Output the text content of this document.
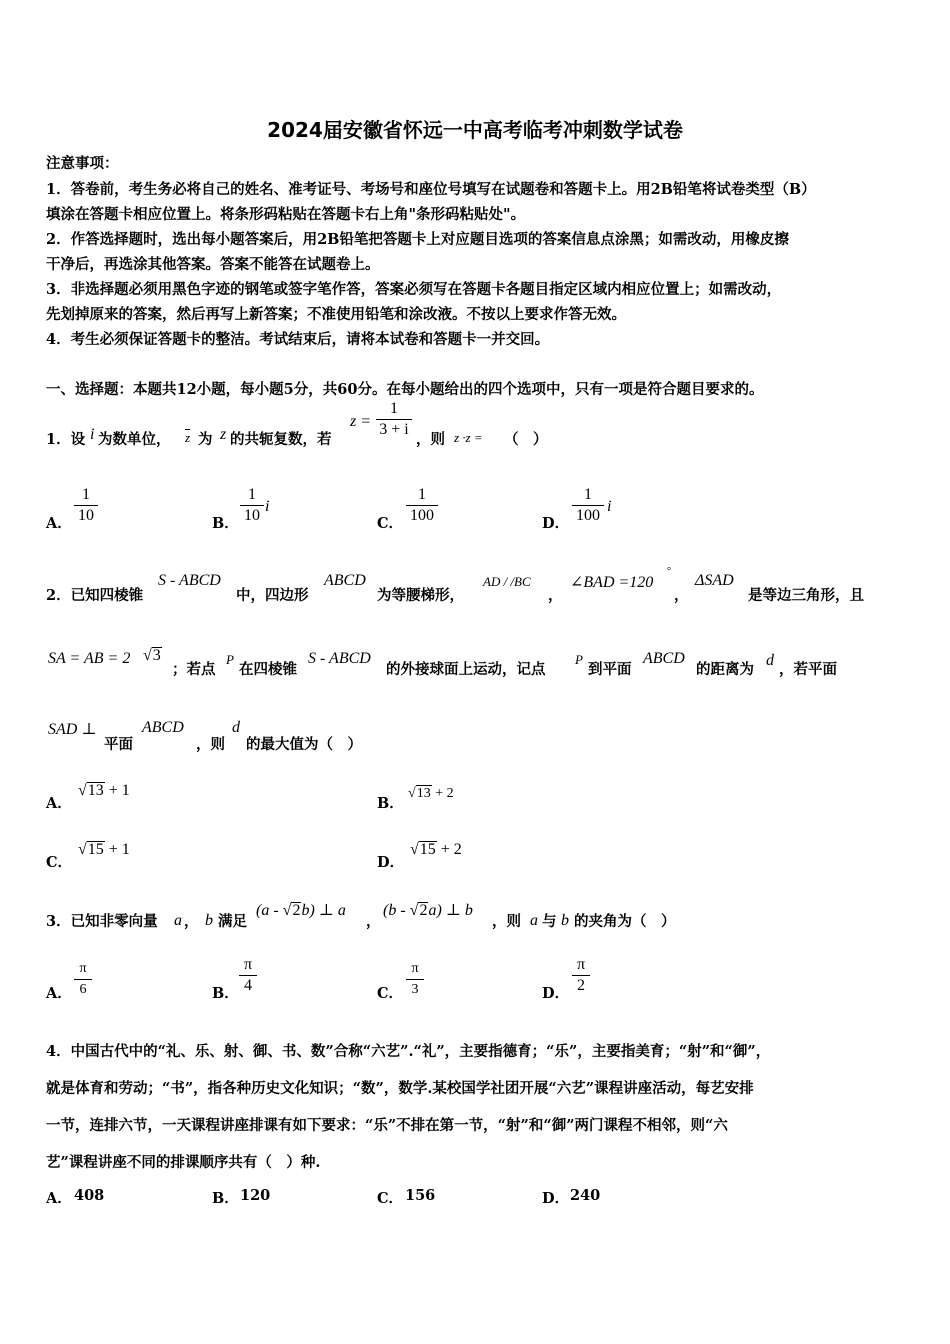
2024届安徽省怀远一中高考临考冲刺数学试卷
注意事项：
1．答卷前，考生务必将自己的姓名、准考证号、考场号和座位号填写在试题卷和答题卡上。用2B铅笔将试卷类型（B）
填涂在答题卡相应位置上。将条形码粘贴在答题卡右上角"条形码粘贴处"。
2．作答选择题时，选出每小题答案后，用2B铅笔把答题卡上对应题目选项的答案信息点涂黑；如需改动，用橡皮擦
干净后，再选涂其他答案。答案不能答在试题卷上。
3．非选择题必须用黑色字迹的钢笔或签字笔作答，答案必须写在答题卡各题目指定区域内相应位置上；如需改动，
先划掉原来的答案，然后再写上新答案；不准使用铅笔和涂改液。不按以上要求作答无效。
4．考生必须保证答题卡的整洁。考试结束后，请将本试卷和答题卡一并交回。
一、选择题：本题共12小题，每小题5分，共60分。在每小题给出的四个选项中，只有一项是符合题目要求的。
1．设 i 为数单位， $\overline{z}$ 为 z 的共轭复数，若
z =
1
3 + i
，则 z ·z = （　）
A．
1
10	B．
1
10
i
C．
1
100	D．
1
100
i
2．已知四棱锥
S - ABCD
中，四边形
ABCD
为等腰梯形，
AD / /BC
，
∠BAD =120
°
，
ΔSAD
是等边三角形，且
SA = AB = 2 √3
；若点
P
在四棱锥
S - ABCD
的外接球面上运动，记点
P
到平面
ABCD
的距离为
d
，若平面
SAD ⊥
平面
ABCD
，则
d
的最大值为（　）
A．
√13 + 1
B．
√13 + 2
C．
√15 + 1
D．
√15 + 2
3．已知非零向量 a ， b 满足
(a - √2b) ⊥ a
，
(b - √2a) ⊥ b
，则 a 与 b 的夹角为（　）
A．
π
6	B．
π
4	C．
π
3	D．
π
2
4．中国古代中的“礼、乐、射、御、书、数”合称“六艺”.“礼”，主要指德育；“乐”，主要指美育；“射”和“御”，
就是体育和劳动；“书”，指各种历史文化知识；“数”，数学.某校国学社团开展“六艺”课程讲座活动，每艺安排
一节，连排六节，一天课程讲座排课有如下要求：“乐”不排在第一节，“射”和“御”两门课程不相邻，则“六
艺”课程讲座不同的排课顺序共有（　）种.
A． 408	B． 120	C． 156	D． 240
